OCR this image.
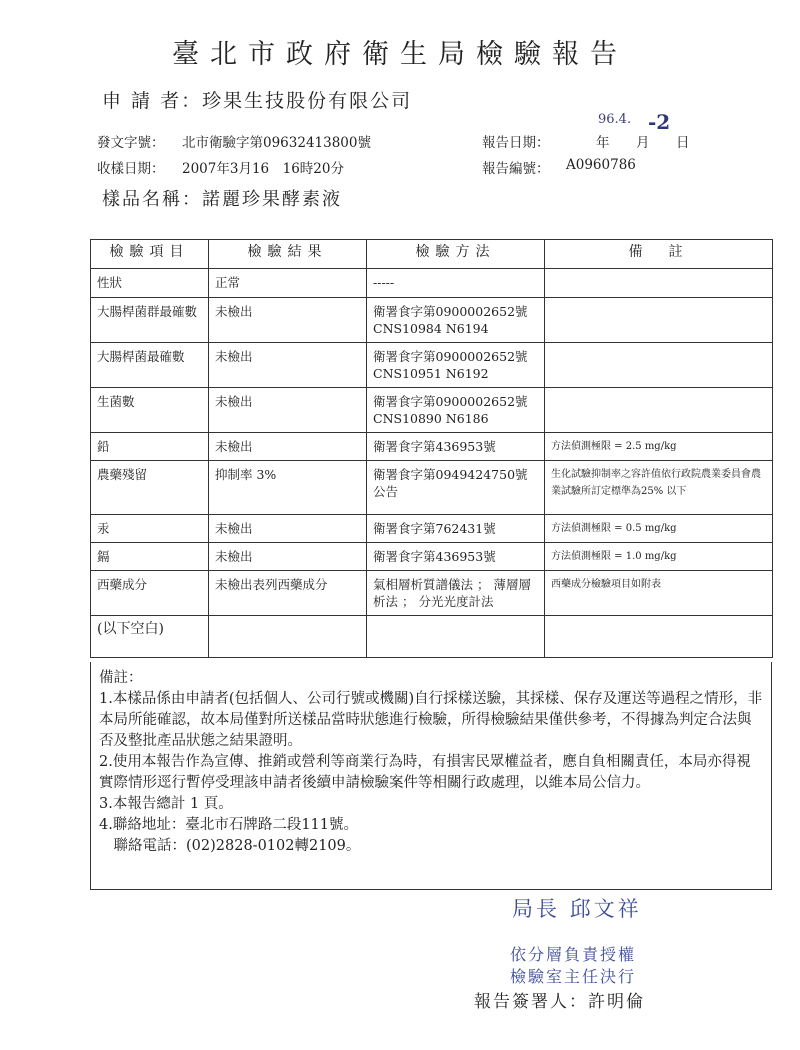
臺北市政府衛生局檢驗報告
申 請 者：珍果生技股份有限公司
發文字號： 北市衛驗字第09632413800號
收樣日期： 2007年3月16　16時20分
報告日期：	年 月 日
96.4. -2
報告編號： A0960786
樣品名稱：諾麗珍果酵素液
檢驗項目	檢驗結果	檢驗方法	備　註
性狀	正常	-----	
大腸桿菌群最確數	未檢出	衛署食字第0900002652號 CNS10984 N6194	
大腸桿菌最確數	未檢出	衛署食字第0900002652號 CNS10951 N6192	
生菌數	未檢出	衛署食字第0900002652號 CNS10890 N6186	
鉛	未檢出	衛署食字第436953號	方法偵測極限 = 2.5 mg/kg
農藥殘留	抑制率 3%	衛署食字第0949424750號公告	生化試驗抑制率之容許值依行政院農業委員會農業試驗所訂定標準為25% 以下
汞	未檢出	衛署食字第762431號	方法偵測極限 = 0.5 mg/kg
鎘	未檢出	衛署食字第436953號	方法偵測極限 = 1.0 mg/kg
西藥成分	未檢出表列西藥成分	氣相層析質譜儀法 ； 薄層層析法 ； 分光光度計法	西藥成分檢驗項目如附表
(以下空白)			

備註：

1.本樣品係由申請者(包括個人、公司行號或機關)自行採樣送驗，其採樣、保存及運送等過程之情形，非本局所能確認，故本局僅對所送樣品當時狀態進行檢驗，所得檢驗結果僅供參考，不得據為判定合法與否及整批產品狀態之結果證明。

2.使用本報告作為宣傳、推銷或營利等商業行為時，有損害民眾權益者，應自負相關責任，本局亦得視實際情形逕行暫停受理該申請者後續申請檢驗案件等相關行政處理，以維本局公信力。

3.本報告總計 1 頁。

4.聯絡地址：臺北市石牌路二段111號。

　聯絡電話：(02)2828-0102轉2109。

局長 邱文祥
依分層負責授權
檢驗室主任決行
報告簽署人：許明倫
